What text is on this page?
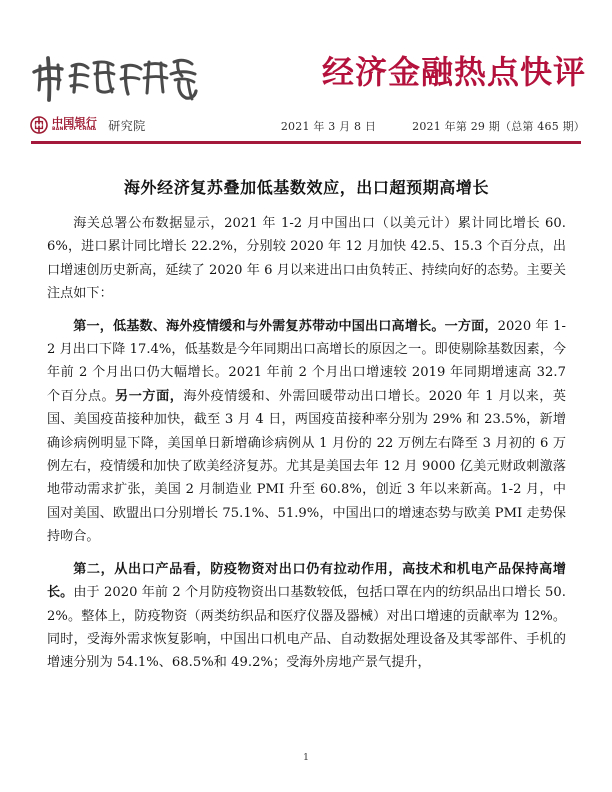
经济金融热点快评
中国银行
BANK OF CHINA 研究院	2021 年 3 月 8 日	2021 年第 29 期（总第 465 期）
海外经济复苏叠加低基数效应，出口超预期高增长

海关总署公布数据显示，2021 年 1-2 月中国出口（以美元计）累计同比增长 60.6%，进口累计同比增长 22.2%，分别较 2020 年 12 月加快 42.5、15.3 个百分点，出口增速创历史新高，延续了 2020 年 6 月以来进出口由负转正、持续向好的态势。主要关注点如下：

第一，低基数、海外疫情缓和与外需复苏带动中国出口高增长。一方面，2020 年 1-2 月出口下降 17.4%，低基数是今年同期出口高增长的原因之一。即使剔除基数因素，今年前 2 个月出口仍大幅增长。2021 年前 2 个月出口增速较 2019 年同期增速高 32.7 个百分点。另一方面，海外疫情缓和、外需回暖带动出口增长。2020 年 1 月以来，英国、美国疫苗接种加快，截至 3 月 4 日，两国疫苗接种率分别为 29% 和 23.5%，新增确诊病例明显下降，美国单日新增确诊病例从 1 月份的 22 万例左右降至 3 月初的 6 万例左右，疫情缓和加快了欧美经济复苏。尤其是美国去年 12 月 9000 亿美元财政刺激落地带动需求扩张，美国 2 月制造业 PMI 升至 60.8%，创近 3 年以来新高。1-2 月，中国对美国、欧盟出口分别增长 75.1%、51.9%，中国出口的增速态势与欧美 PMI 走势保持吻合。

第二，从出口产品看，防疫物资对出口仍有拉动作用，高技术和机电产品保持高增长。由于 2020 年前 2 个月防疫物资出口基数较低，包括口罩在内的纺织品出口增长 50.2%。整体上，防疫物资（两类纺织品和医疗仪器及器械）对出口增速的贡献率为 12%。同时，受海外需求恢复影响，中国出口机电产品、自动数据处理设备及其零部件、手机的增速分别为 54.1%、68.5%和 49.2%；受海外房地产景气提升，

1
